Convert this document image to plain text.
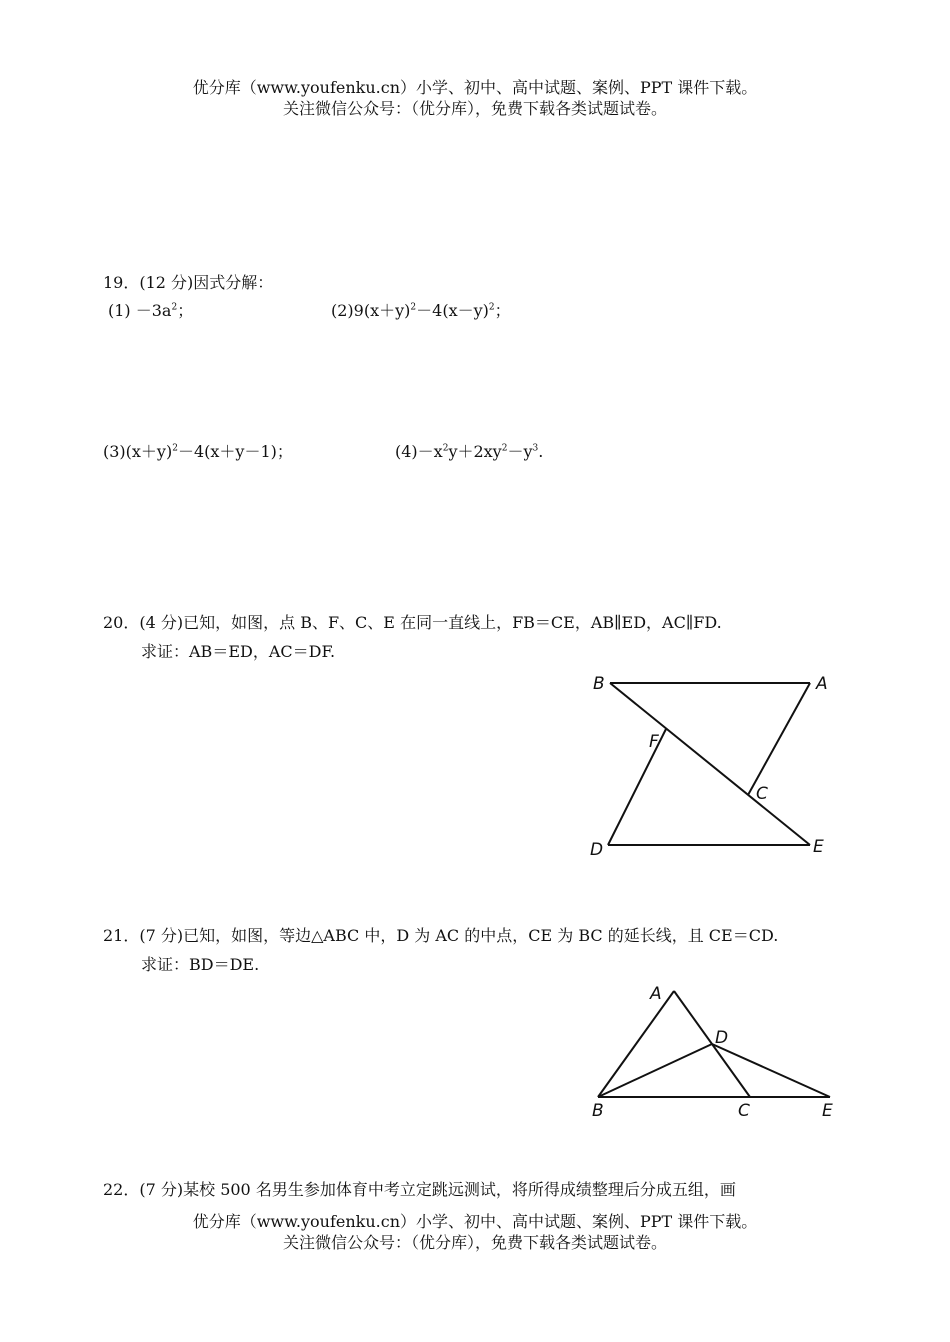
优分库（www.youfenku.cn）小学、初中、高中试题、案例、PPT 课件下载。
关注微信公众号：（优分库），免费下载各类试题试卷。
19．(12 分)因式分解：
$(1) -3a^2$；	$(2)9(x+y)^2-4(x-y)^2$；
$(3)(x+y)^2-4(x+y-1)$；	$(4)-x^2y+2xy^2-y^3$.
20．(4 分)已知，如图，点 B、F、C、E 在同一直线上，FB＝CE，AB∥ED，AC∥FD.
求证：AB＝ED，AC＝DF.
B	A
F
C
D	E
21．(7 分)已知，如图，等边△ABC 中，D 为 AC 的中点，CE 为 BC 的延长线，且 CE＝CD.
求证：BD＝DE.
A
D
B	C	E
22．(7 分)某校 500 名男生参加体育中考立定跳远测试，将所得成绩整理后分成五组，画
优分库（www.youfenku.cn）小学、初中、高中试题、案例、PPT 课件下载。
关注微信公众号：（优分库），免费下载各类试题试卷。
